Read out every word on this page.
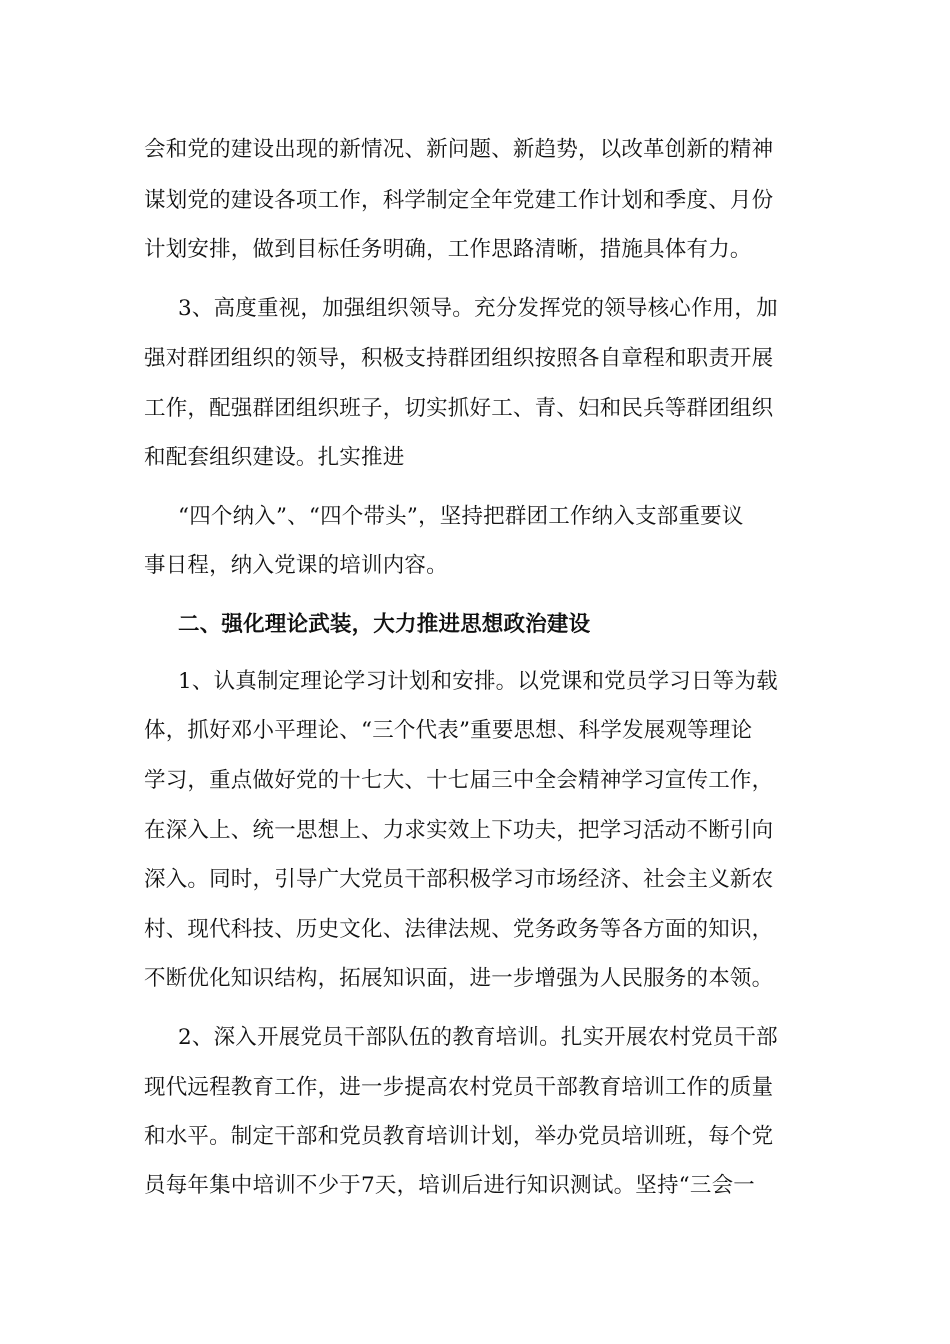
会和党的建设出现的新情况、新问题、新趋势，以改革创新的精神
谋划党的建设各项工作，科学制定全年党建工作计划和季度、月份
计划安排，做到目标任务明确，工作思路清晰，措施具体有力。
3、高度重视，加强组织领导。充分发挥党的领导核心作用，加
强对群团组织的领导，积极支持群团组织按照各自章程和职责开展
工作，配强群团组织班子，切实抓好工、青、妇和民兵等群团组织
和配套组织建设。扎实推进
“四个纳入”、“四个带头”，坚持把群团工作纳入支部重要议
事日程，纳入党课的培训内容。
二、强化理论武装，大力推进思想政治建设
1、认真制定理论学习计划和安排。以党课和党员学习日等为载
体，抓好邓小平理论、“三个代表”重要思想、科学发展观等理论
学习，重点做好党的十七大、十七届三中全会精神学习宣传工作，
在深入上、统一思想上、力求实效上下功夫，把学习活动不断引向
深入。同时，引导广大党员干部积极学习市场经济、社会主义新农
村、现代科技、历史文化、法律法规、党务政务等各方面的知识，
不断优化知识结构，拓展知识面，进一步增强为人民服务的本领。
2、深入开展党员干部队伍的教育培训。扎实开展农村党员干部
现代远程教育工作，进一步提高农村党员干部教育培训工作的质量
和水平。制定干部和党员教育培训计划，举办党员培训班，每个党
员每年集中培训不少于7天，培训后进行知识测试。坚持“三会一
